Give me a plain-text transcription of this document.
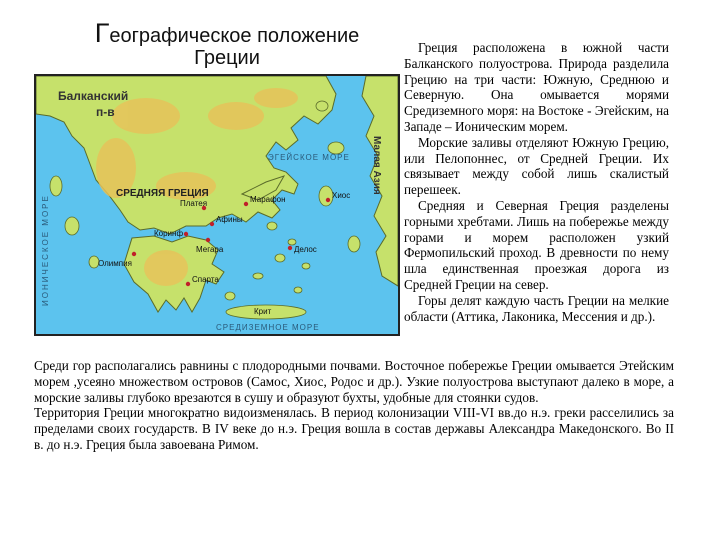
Географическое положение
Греции
Балканский
п-в
СРЕДНЯЯ ГРЕЦИЯ
ЭГЕЙСКОЕ МОРЕ
ИОНИЧЕСКОЕ МОРЕ
СРЕДИЗЕМНОЕ МОРЕ
Малая Азия
Олимпия
Спарта
Афины
Марафон
Платея
Коринф
Мегара	Делос
Хиос
Крит

Греция расположена в южной части Балканского полуострова. Природа разделила Грецию на три части: Южную, Среднюю и Северную. Она омывается морями Средиземного моря: на Востоке - Эгейским, на Западе – Ионическим морем.

Морские заливы отделяют Южную Грецию, или Пелопоннес, от Средней Греции. Их связывает между собой лишь скалистый перешеек.

Средняя и Северная Греция разделены горными хребтами. Лишь на побережье между горами и морем расположен узкий Фермопильский проход. В древности по нему шла единственная проезжая дорога из Средней Греции на север.

Горы делят каждую часть Греции на мелкие области (Аттика, Лаконика, Мессения и др.).

Среди гор располагались равнины с плодородными почвами. Восточное побережье Греции омывается Этейским морем ,усеяно множеством островов (Самос, Хиос, Родос и др.). Узкие полуострова выступают далеко в море, а морские заливы глубоко врезаются в сушу и образуют бухты, удобные для стоянки судов.

Территория Греции многократно видоизменялась. В период колонизации VIII-VI вв.до н.э. греки расселились за пределами своих государств. В IV веке до н.э. Греция вошла в состав державы Александра Македонского. Во II в. до н.э. Греция была завоевана Римом.
